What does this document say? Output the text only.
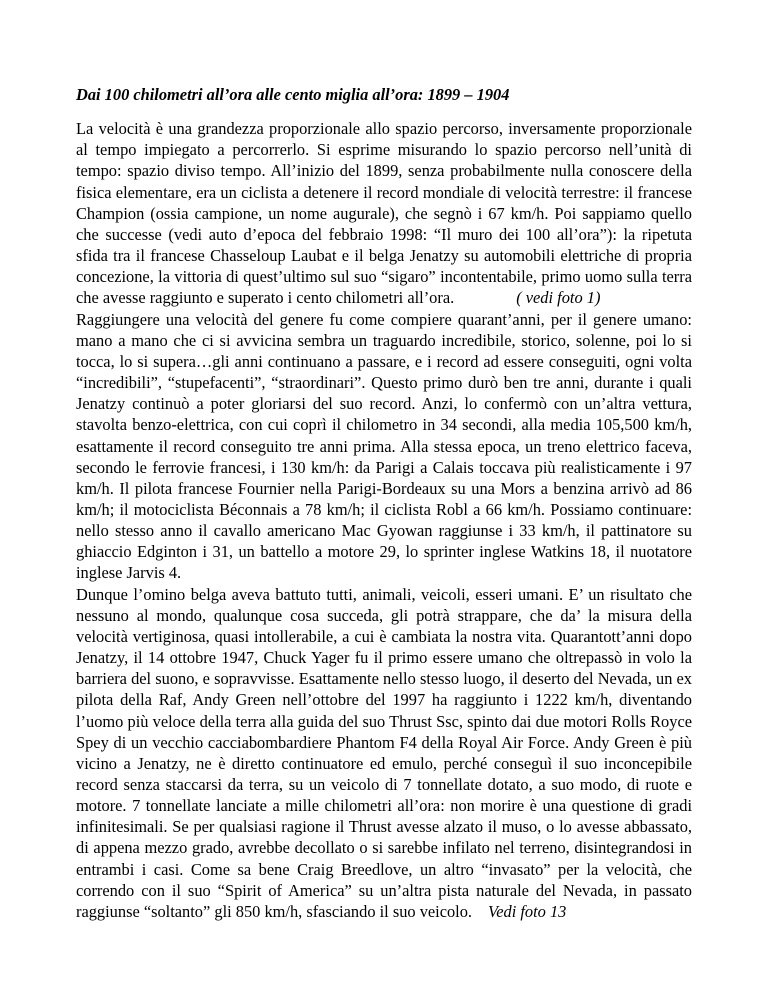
Dai 100 chilometri all’ora alle cento miglia all’ora: 1899 – 1904

La velocità è una grandezza proporzionale allo spazio percorso, inversamente proporzionale al tempo impiegato a percorrerlo. Si esprime misurando lo spazio percorso nell’unità di tempo: spazio diviso tempo. All’inizio del 1899, senza probabilmente nulla conoscere della fisica elementare, era un ciclista a detenere il record mondiale di velocità terrestre: il francese Champion (ossia campione, un nome augurale), che segnò i 67 km/h. Poi sappiamo quello che successe (vedi auto d’epoca del febbraio 1998: “Il muro dei 100 all’ora”): la ripetuta sfida tra il francese Chasseloup Laubat e il belga Jenatzy su automobili elettriche di propria concezione, la vittoria di quest’ultimo sul suo “sigaro” incontentabile, primo uomo sulla terra che avesse raggiunto e superato i cento chilometri all’ora.	( vedi foto 1)

Raggiungere una velocità del genere fu come compiere quarant’anni, per il genere umano: mano a mano che ci si avvicina sembra un traguardo incredibile, storico, solenne, poi lo si tocca, lo si supera…gli anni continuano a passare, e i record ad essere conseguiti, ogni volta “incredibili”, “stupefacenti”, “straordinari”. Questo primo durò ben tre anni, durante i quali Jenatzy continuò a poter gloriarsi del suo record. Anzi, lo confermò con un’altra vettura, stavolta benzo-elettrica, con cui coprì il chilometro in 34 secondi, alla media 105,500 km/h, esattamente il record conseguito tre anni prima. Alla stessa epoca, un treno elettrico faceva, secondo le ferrovie francesi, i 130 km/h: da Parigi a Calais toccava più realisticamente i 97 km/h. Il pilota francese Fournier nella Parigi-Bordeaux su una Mors a benzina arrivò ad 86 km/h; il motociclista Béconnais a 78 km/h; il ciclista Robl a 66 km/h. Possiamo continuare: nello stesso anno il cavallo americano Mac Gyowan raggiunse i 33 km/h, il pattinatore su ghiaccio Edginton i 31, un battello a motore 29, lo sprinter inglese Watkins 18, il nuotatore inglese Jarvis 4.

Dunque l’omino belga aveva battuto tutti, animali, veicoli, esseri umani. E’ un risultato che nessuno al mondo, qualunque cosa succeda, gli potrà strappare, che da’ la misura della velocità vertiginosa, quasi intollerabile, a cui è cambiata la nostra vita. Quarantott’anni dopo Jenatzy, il 14 ottobre 1947, Chuck Yager fu il primo essere umano che oltrepassò in volo la barriera del suono, e sopravvisse. Esattamente nello stesso luogo, il deserto del Nevada, un ex pilota della Raf, Andy Green nell’ottobre del 1997 ha raggiunto i 1222 km/h, diventando l’uomo più veloce della terra alla guida del suo Thrust Ssc, spinto dai due motori Rolls Royce Spey di un vecchio cacciabombardiere Phantom F4 della Royal Air Force. Andy Green è più vicino a Jenatzy, ne è diretto continuatore ed emulo, perché conseguì il suo inconcepibile record senza staccarsi da terra, su un veicolo di 7 tonnellate dotato, a suo modo, di ruote e motore. 7 tonnellate lanciate a mille chilometri all’ora: non morire è una questione di gradi infinitesimali. Se per qualsiasi ragione il Thrust avesse alzato il muso, o lo avesse abbassato, di appena mezzo grado, avrebbe decollato o si sarebbe infilato nel terreno, disintegrandosi in entrambi i casi. Come sa bene Craig Breedlove, un altro “invasato” per la velocità, che correndo con il suo “Spirit of America” su un’altra pista naturale del Nevada, in passato raggiunse “soltanto” gli 850 km/h, sfasciando il suo veicolo. Vedi foto 13
